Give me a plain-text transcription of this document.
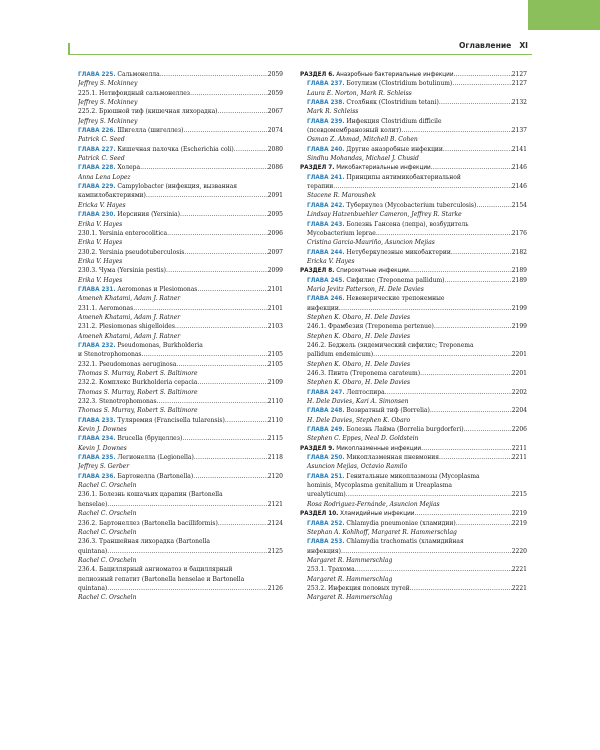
Оглавление XI
ГЛАВА 225. Сальмонелла .....	2059
Jeffrey S. Mckinney
225.1. Нетифоидный сальмонеллез .....	2059
Jeffrey S. Mckinney
225.2. Брюшной тиф (кишечная лихорадка) .....	2067
Jeffrey S. Mckinney
ГЛАВА 226. Шигелла (шигеллез) .....	2074
Patrick C. Seed
ГЛАВА 227. Кишечная палочка (Escherichia coli) .....	2080
Patrick C. Seed
ГЛАВА 228. Холера .....	2086
Anna Lena Lopez
ГЛАВА 229. Campylobacter (инфекция, вызванная
кампилобактериями) .....	2091
Ericka V. Hayes
ГЛАВА 230. Иерсиния (Yersinia) .....	2095
Erika V. Hayes
230.1. Yersinia enterocolitica .....	2096
Erika V. Hayes
230.2. Yersinia pseudotuberculosis .....	2097
Erika V. Hayes
230.3. Чума (Yersinia pestis) .....	2099
Erika V. Hayes
ГЛАВА 231. Aeromonas и Plesiomonas .....	2101
Ameneh Khatami, Adam J. Ratner
231.1. Aeromonas .....	2101
Ameneh Khatami, Adam J. Ratner
231.2. Plesiomonas shigelloides .....	2103
Ameneh Khatami, Adam J. Ratner
ГЛАВА 232. Pseudomonas, Burkholderia
и Stenotrophomonas .....	2105
232.1. Pseudomonas aeruginosa .....	2105
Thomas S. Murray, Robert S. Baltimore
232.2. Комплекс Burkholderia cepacia .....	2109
Thomas S. Murray, Robert S. Baltimore
232.3. Stenotrophomonas .....	2110
Thomas S. Murray, Robert S. Baltimore
ГЛАВА 233. Туляремия (Francisella tularensis) .....	2110
Kevin J. Downes
ГЛАВА 234. Brucella (бруцеллез) .....	2115
Kevin J. Downes
ГЛАВА 235. Легионелла (Legionella) .....	2118
Jeffrey S. Gerber
ГЛАВА 236. Бартонелла (Bartonella) .....	2120
Rachel C. Orscheln
236.1. Болезнь кошачьих царапин (Bartonella
henselae) .....	2121
Rachel C. Orscheln
236.2. Бартонеллез (Bartonella bacilliformis) .....	2124
Rachel C. Orscheln
236.3. Траншейная лихорадка (Bartonella
quintana) .....	2125
Rachel C. Orscheln
236.4. Бациллярный ангиоматоз и бациллярный
пелиозный гепатит (Bartonella henselae и Bartonella
quintana) .....	2126
Rachel C. Orscheln
РАЗДЕЛ 6. Анаэробные бактериальные инфекции .....	2127
ГЛАВА 237. Ботулизм (Clostridium botulinum) .....	2127
Laura E. Norton, Mark R. Schleiss
ГЛАВА 238. Столбняк (Clostridium tetani) .....	2132
Mark R. Schleiss
ГЛАВА 239. Инфекция Clostridium difficile
(псевдомембранозный колит) .....	2137
Osman Z. Ahmad, Mitchell B. Cohen
ГЛАВА 240. Другие анаэробные инфекции .....	2141
Sindhu Mohandas, Michael J. Chusid
РАЗДЕЛ 7. Микобактериальные инфекции .....	2146
ГЛАВА 241. Принципы антимикобактериальной
терапии .....	2146
Stacene R. Maroushek
ГЛАВА 242. Туберкулез (Mycobacterium tuberculosis) .....	2154
Lindsay Hatzenbuehler Cameron, Jeffrey R. Starke
ГЛАВА 243. Болезнь Гансена (лепра), возбудитель
Mycobacterium leprae .....	2176
Cristina Garcia-Mauriño, Asuncion Mejias
ГЛАВА 244. Нетуберкулезные микобактерии .....	2182
Ericka V. Hayes
РАЗДЕЛ 8. Спирохетные инфекции .....	2189
ГЛАВА 245. Сифилис (Treponema pallidum) .....	2189
Maria Jevitz Patterson, H. Dele Davies
ГЛАВА 246. Невенерические трепонемные
инфекции .....	2199
Stephen K. Obaro, H. Dele Davies
246.1. Фрамбезия (Treponema pertenue) .....	2199
Stephen K. Obaro, H. Dele Davies
246.2. Беджель (эндемический сифилис; Treponema
pallidum endemicum) .....	2201
Stephen K. Obaro, H. Dele Davies
246.3. Пинта (Treponema carateum) .....	2201
Stephen K. Obaro, H. Dele Davies
ГЛАВА 247. Лептоспира .....	2202
H. Dele Davies, Kari A. Simonsen
ГЛАВА 248. Возвратный тиф (Borrelia) .....	2204
H. Dele Davies, Stephen K. Obaro
ГЛАВА 249. Болезнь Лайма (Borrelia burgdorferi) .....	2206
Stephen C. Eppes, Neal D. Goldstein
РАЗДЕЛ 9. Микоплазменные инфекции .....	2211
ГЛАВА 250. Микоплазменная пневмония .....	2211
Asuncion Mejias, Octavio Ramilo
ГЛАВА 251. Генитальные микоплазмозы (Mycoplasma
hominis, Mycoplasma genitalium и Ureaplasma
urealyticum) .....	2215
Rosa Rodriguez-Fernándе, Asuncion Mejias
РАЗДЕЛ 10. Хламидийные инфекции .....	2219
ГЛАВА 252. Chlamydia pneumoniae (хламидии) .....	2219
Stephan A. Kohlhoff, Margaret R. Hammerschlag
ГЛАВА 253. Chlamydia trachomatis (хламидийная
инфекция) .....	2220
Margaret R. Hammerschlag
253.1. Трахома .....	2221
Margaret R. Hammerschlag
253.2. Инфекция половых путей .....	2221
Margaret R. Hammerschlag
